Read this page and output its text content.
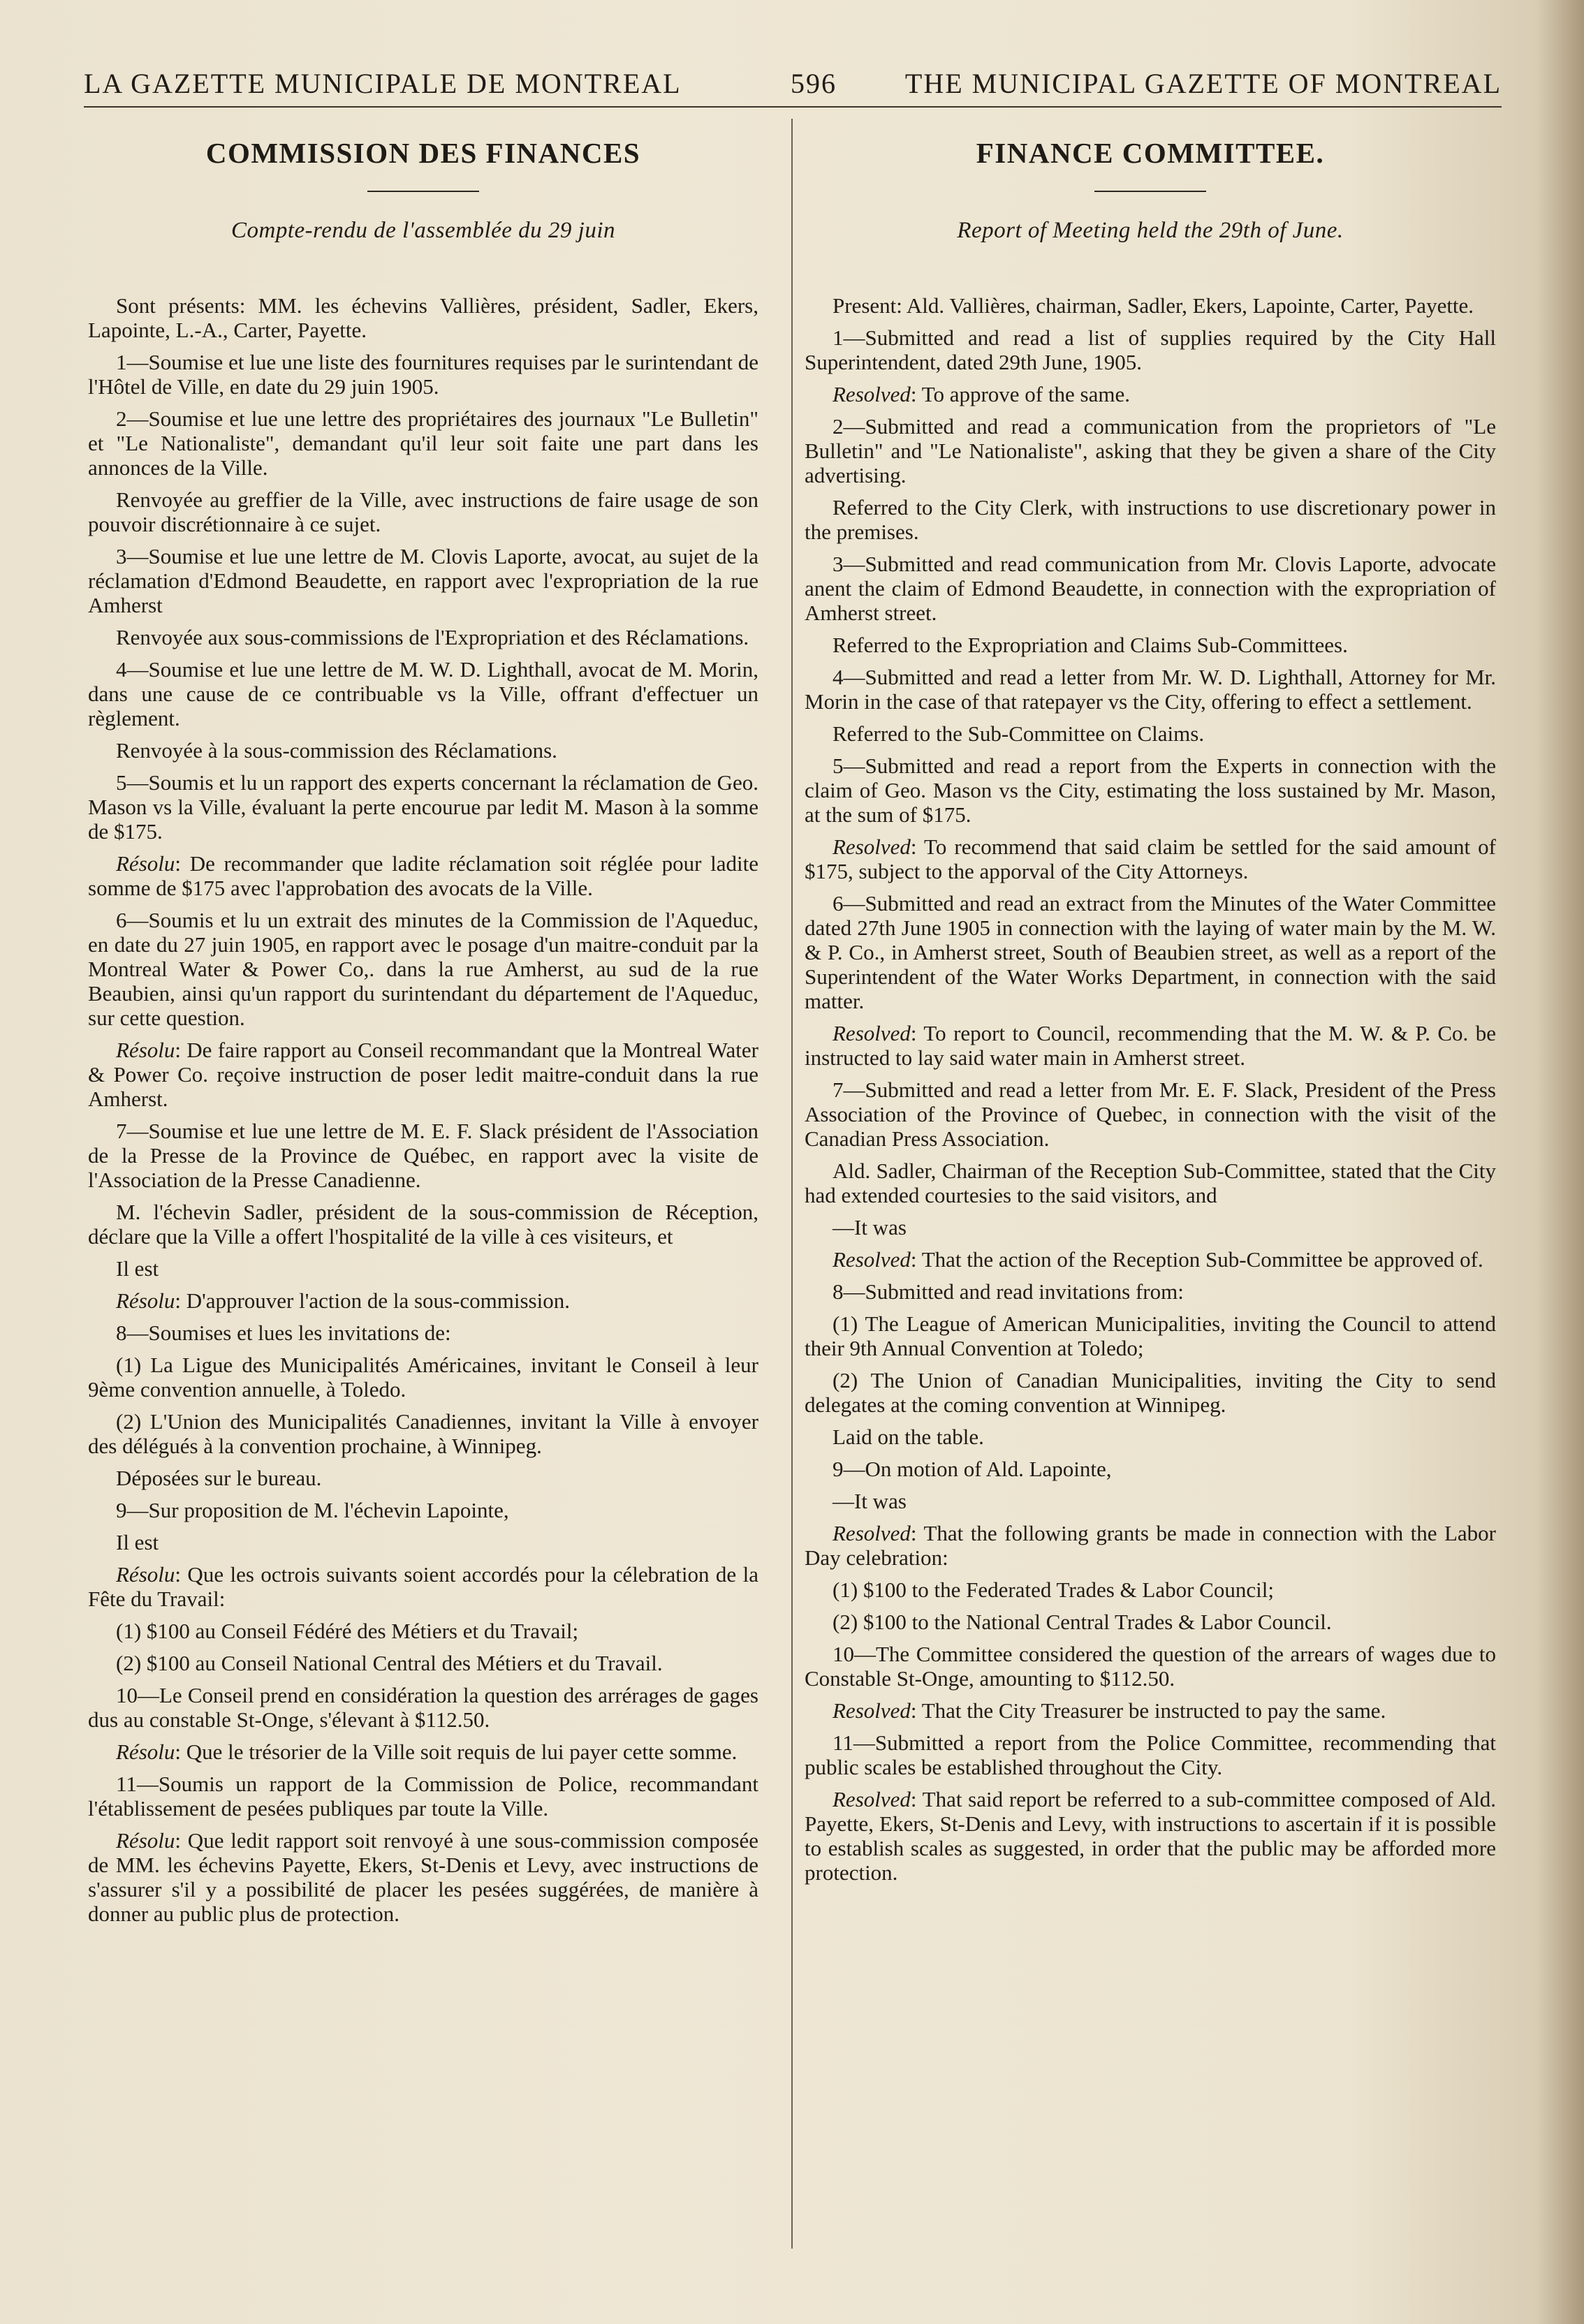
LA GAZETTE MUNICIPALE DE MONTREAL	596	THE MUNICIPAL GAZETTE OF MONTREAL
COMMISSION DES FINANCES
Compte-rendu de l'assemblée du 29 juin

Sont présents: MM. les échevins Vallières, président, Sadler, Ekers, Lapointe, L.-A., Carter, Payette.

1—Soumise et lue une liste des fournitures requises par le surintendant de l'Hôtel de Ville, en date du 29 juin 1905.

2—Soumise et lue une lettre des propriétaires des journaux "Le Bulletin" et "Le Nationaliste", demandant qu'il leur soit faite une part dans les annonces de la Ville.

Renvoyée au greffier de la Ville, avec instructions de faire usage de son pouvoir discrétionnaire à ce sujet.

3—Soumise et lue une lettre de M. Clovis Laporte, avocat, au sujet de la réclamation d'Edmond Beaudette, en rapport avec l'expropriation de la rue Amherst

Renvoyée aux sous-commissions de l'Expropriation et des Réclamations.

4—Soumise et lue une lettre de M. W. D. Lighthall, avocat de M. Morin, dans une cause de ce contribuable vs la Ville, offrant d'effectuer un règlement.

Renvoyée à la sous-commission des Réclamations.

5—Soumis et lu un rapport des experts concernant la réclamation de Geo. Mason vs la Ville, évaluant la perte encourue par ledit M. Mason à la somme de $175.

Résolu: De recommander que ladite réclamation soit réglée pour ladite somme de $175 avec l'approbation des avocats de la Ville.

6—Soumis et lu un extrait des minutes de la Commission de l'Aqueduc, en date du 27 juin 1905, en rapport avec le posage d'un maitre-conduit par la Montreal Water & Power Co,. dans la rue Amherst, au sud de la rue Beaubien, ainsi qu'un rapport du surintendant du département de l'Aqueduc, sur cette question.

Résolu: De faire rapport au Conseil recommandant que la Montreal Water & Power Co. reçoive instruction de poser ledit maitre-conduit dans la rue Amherst.

7—Soumise et lue une lettre de M. E. F. Slack président de l'Association de la Presse de la Province de Québec, en rapport avec la visite de l'Association de la Presse Canadienne.

M. l'échevin Sadler, président de la sous-commission de Réception, déclare que la Ville a offert l'hospitalité de la ville à ces visiteurs, et

Il est

Résolu: D'approuver l'action de la sous-commission.

8—Soumises et lues les invitations de:

(1) La Ligue des Municipalités Américaines, invitant le Conseil à leur 9ème convention annuelle, à Toledo.

(2) L'Union des Municipalités Canadiennes, invitant la Ville à envoyer des délégués à la convention prochaine, à Winnipeg.

Déposées sur le bureau.

9—Sur proposition de M. l'échevin Lapointe,

Il est

Résolu: Que les octrois suivants soient accordés pour la célebration de la Fête du Travail:

(1) $100 au Conseil Fédéré des Métiers et du Travail;

(2) $100 au Conseil National Central des Métiers et du Travail.

10—Le Conseil prend en considération la question des arrérages de gages dus au constable St-Onge, s'élevant à $112.50.

Résolu: Que le trésorier de la Ville soit requis de lui payer cette somme.

11—Soumis un rapport de la Commission de Police, recommandant l'établissement de pesées publiques par toute la Ville.

Résolu: Que ledit rapport soit renvoyé à une sous-commission composée de MM. les échevins Payette, Ekers, St-Denis et Levy, avec instructions de s'assurer s'il y a possibilité de placer les pesées suggérées, de manière à donner au public plus de protection.

FINANCE COMMITTEE.
Report of Meeting held the 29th of June.

Present: Ald. Vallières, chairman, Sadler, Ekers, Lapointe, Carter, Payette.

1—Submitted and read a list of supplies required by the City Hall Superintendent, dated 29th June, 1905.

Resolved: To approve of the same.

2—Submitted and read a communication from the proprietors of "Le Bulletin" and "Le Nationaliste", asking that they be given a share of the City advertising.

Referred to the City Clerk, with instructions to use discretionary power in the premises.

3—Submitted and read communication from Mr. Clovis Laporte, advocate anent the claim of Edmond Beaudette, in connection with the expropriation of Amherst street.

Referred to the Expropriation and Claims Sub-Committees.

4—Submitted and read a letter from Mr. W. D. Lighthall, Attorney for Mr. Morin in the case of that ratepayer vs the City, offering to effect a settlement.

Referred to the Sub-Committee on Claims.

5—Submitted and read a report from the Experts in connection with the claim of Geo. Mason vs the City, estimating the loss sustained by Mr. Mason, at the sum of $175.

Resolved: To recommend that said claim be settled for the said amount of $175, subject to the apporval of the City Attorneys.

6—Submitted and read an extract from the Minutes of the Water Committee dated 27th June 1905 in connection with the laying of water main by the M. W. & P. Co., in Amherst street, South of Beaubien street, as well as a report of the Superintendent of the Water Works Department, in connection with the said matter.

Resolved: To report to Council, recommending that the M. W. & P. Co. be instructed to lay said water main in Amherst street.

7—Submitted and read a letter from Mr. E. F. Slack, President of the Press Association of the Province of Quebec, in connection with the visit of the Canadian Press Association.

Ald. Sadler, Chairman of the Reception Sub-Committee, stated that the City had extended courtesies to the said visitors, and

—It was

Resolved: That the action of the Reception Sub-Committee be approved of.

8—Submitted and read invitations from:

(1) The League of American Municipalities, inviting the Council to attend their 9th Annual Convention at Toledo;

(2) The Union of Canadian Municipalities, inviting the City to send delegates at the coming convention at Winnipeg.

Laid on the table.

9—On motion of Ald. Lapointe,

—It was

Resolved: That the following grants be made in connection with the Labor Day celebration:

(1) $100 to the Federated Trades & Labor Council;

(2) $100 to the National Central Trades & Labor Council.

10—The Committee considered the question of the arrears of wages due to Constable St-Onge, amounting to $112.50.

Resolved: That the City Treasurer be instructed to pay the same.

11—Submitted a report from the Police Committee, recommending that public scales be established throughout the City.

Resolved: That said report be referred to a sub-committee composed of Ald. Payette, Ekers, St-Denis and Levy, with instructions to ascertain if it is possible to establish scales as suggested, in order that the public may be afforded more protection.
